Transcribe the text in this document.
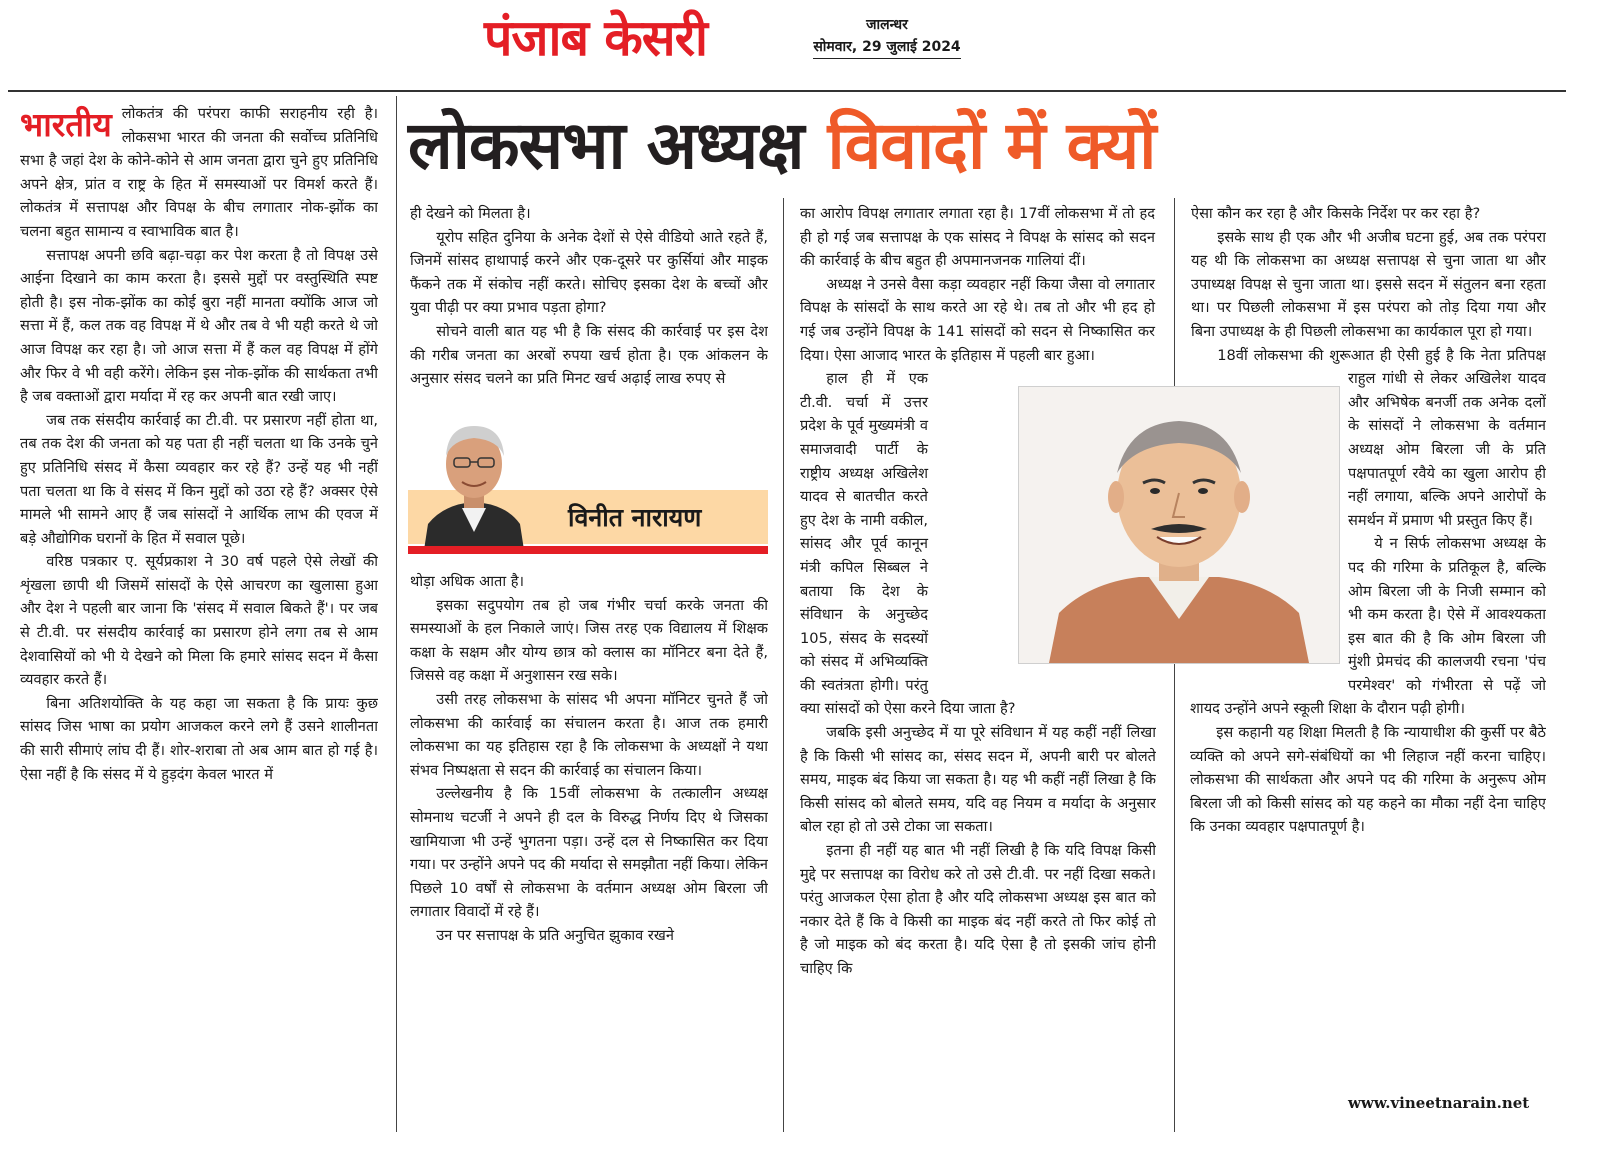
पंजाब केसरी	जालन्धर
सोमवार, 29 जुलाई 2024
लोकसभा अध्यक्ष विवादों में क्यों
भारतीय लोकतंत्र की परंपरा काफी सराहनीय रही है। लोकसभा भारत की जनता की सर्वोच्च प्रतिनिधि सभा है जहां देश के कोने-कोने से आम जनता द्वारा चुने हुए प्रतिनिधि अपने क्षेत्र, प्रांत व राष्ट्र के हित में समस्याओं पर विमर्श करते हैं। लोकतंत्र में सत्तापक्ष और विपक्ष के बीच लगातार नोक-झोंक का चलना बहुत सामान्य व स्वाभाविक बात है।

सत्तापक्ष अपनी छवि बढ़ा-चढ़ा कर पेश करता है तो विपक्ष उसे आईना दिखाने का काम करता है। इससे मुद्दों पर वस्तुस्थिति स्पष्ट होती है। इस नोक-झोंक का कोई बुरा नहीं मानता क्योंकि आज जो सत्ता में हैं, कल तक वह विपक्ष में थे और तब वे भी यही करते थे जो आज विपक्ष कर रहा है। जो आज सत्ता में हैं कल वह विपक्ष में होंगे और फिर वे भी वही करेंगे। लेकिन इस नोक-झोंक की सार्थकता तभी है जब वक्ताओं द्वारा मर्यादा में रह कर अपनी बात रखी जाए।

जब तक संसदीय कार्रवाई का टी.वी. पर प्रसारण नहीं होता था, तब तक देश की जनता को यह पता ही नहीं चलता था कि उनके चुने हुए प्रतिनिधि संसद में कैसा व्यवहार कर रहे हैं? उन्हें यह भी नहीं पता चलता था कि वे संसद में किन मुद्दों को उठा रहे हैं? अक्सर ऐसे मामले भी सामने आए हैं जब सांसदों ने आर्थिक लाभ की एवज में बड़े औद्योगिक घरानों के हित में सवाल पूछे।

वरिष्ठ पत्रकार ए. सूर्यप्रकाश ने 30 वर्ष पहले ऐसे लेखों की शृंखला छापी थी जिसमें सांसदों के ऐसे आचरण का खुलासा हुआ और देश ने पहली बार जाना कि 'संसद में सवाल बिकते हैं'। पर जब से टी.वी. पर संसदीय कार्रवाई का प्रसारण होने लगा तब से आम देशवासियों को भी ये देखने को मिला कि हमारे सांसद सदन में कैसा व्यवहार करते हैं।

बिना अतिशयोक्ति के यह कहा जा सकता है कि प्रायः कुछ सांसद जिस भाषा का प्रयोग आजकल करने लगे हैं उसने शालीनता की सारी सीमाएं लांघ दी हैं। शोर-शराबा तो अब आम बात हो गई है। ऐसा नहीं है कि संसद में ये हुड़दंग केवल भारत में

ही देखने को मिलता है।

यूरोप सहित दुनिया के अनेक देशों से ऐसे वीडियो आते रहते हैं, जिनमें सांसद हाथापाई करने और एक-दूसरे पर कुर्सियां और माइक फैंकने तक में संकोच नहीं करते। सोचिए इसका देश के बच्चों और युवा पीढ़ी पर क्या प्रभाव पड़ता होगा?

सोचने वाली बात यह भी है कि संसद की कार्रवाई पर इस देश की गरीब जनता का अरबों रुपया खर्च होता है। एक आंकलन के अनुसार संसद चलने का प्रति मिनट खर्च अढ़ाई लाख रुपए से

विनीत नारायण

थोड़ा अधिक आता है।

इसका सदुपयोग तब हो जब गंभीर चर्चा करके जनता की समस्याओं के हल निकाले जाएं। जिस तरह एक विद्यालय में शिक्षक कक्षा के सक्षम और योग्य छात्र को क्लास का मॉनिटर बना देते हैं, जिससे वह कक्षा में अनुशासन रख सके।

उसी तरह लोकसभा के सांसद भी अपना मॉनिटर चुनते हैं जो लोकसभा की कार्रवाई का संचालन करता है। आज तक हमारी लोकसभा का यह इतिहास रहा है कि लोकसभा के अध्यक्षों ने यथा संभव निष्पक्षता से सदन की कार्रवाई का संचालन किया।

उल्लेखनीय है कि 15वीं लोकसभा के तत्कालीन अध्यक्ष सोमनाथ चटर्जी ने अपने ही दल के विरुद्ध निर्णय दिए थे जिसका खामियाजा भी उन्हें भुगतना पड़ा। उन्हें दल से निष्कासित कर दिया गया। पर उन्होंने अपने पद की मर्यादा से समझौता नहीं किया। लेकिन पिछले 10 वर्षों से लोकसभा के वर्तमान अध्यक्ष ओम बिरला जी लगातार विवादों में रहे हैं।

उन पर सत्तापक्ष के प्रति अनुचित झुकाव रखने

का आरोप विपक्ष लगातार लगाता रहा है। 17वीं लोकसभा में तो हद ही हो गई जब सत्तापक्ष के एक सांसद ने विपक्ष के सांसद को सदन की कार्रवाई के बीच बहुत ही अपमानजनक गालियां दीं।

अध्यक्ष ने उनसे वैसा कड़ा व्यवहार नहीं किया जैसा वो लगातार विपक्ष के सांसदों के साथ करते आ रहे थे। तब तो और भी हद हो गई जब उन्होंने विपक्ष के 141 सांसदों को सदन से निष्कासित कर दिया। ऐसा आजाद भारत के इतिहास में पहली बार हुआ।

हाल ही में एक टी.वी. चर्चा में उत्तर प्रदेश के पूर्व मुख्यमंत्री व समाजवादी पार्टी के राष्ट्रीय अध्यक्ष अखिलेश यादव से बातचीत करते हुए देश के नामी वकील, सांसद और पूर्व कानून मंत्री कपिल सिब्बल ने बताया कि देश के संविधान के अनुच्छेद 105, संसद के सदस्यों को संसद में अभिव्यक्ति की स्वतंत्रता होगी। परंतु क्या सांसदों को ऐसा करने दिया जाता है?

जबकि इसी अनुच्छेद में या पूरे संविधान में यह कहीं नहीं लिखा है कि किसी भी सांसद का, संसद सदन में, अपनी बारी पर बोलते समय, माइक बंद किया जा सकता है। यह भी कहीं नहीं लिखा है कि किसी सांसद को बोलते समय, यदि वह नियम व मर्यादा के अनुसार बोल रहा हो तो उसे टोका जा सकता।

इतना ही नहीं यह बात भी नहीं लिखी है कि यदि विपक्ष किसी मुद्दे पर सत्तापक्ष का विरोध करे तो उसे टी.वी. पर नहीं दिखा सकते। परंतु आजकल ऐसा होता है और यदि लोकसभा अध्यक्ष इस बात को नकार देते हैं कि वे किसी का माइक बंद नहीं करते तो फिर कोई तो है जो माइक को बंद करता है। यदि ऐसा है तो इसकी जांच होनी चाहिए कि

ऐसा कौन कर रहा है और किसके निर्देश पर कर रहा है?

इसके साथ ही एक और भी अजीब घटना हुई, अब तक परंपरा यह थी कि लोकसभा का अध्यक्ष सत्तापक्ष से चुना जाता था और उपाध्यक्ष विपक्ष से चुना जाता था। इससे सदन में संतुलन बना रहता था। पर पिछली लोकसभा में इस परंपरा को तोड़ दिया गया और बिना उपाध्यक्ष के ही पिछली लोकसभा का कार्यकाल पूरा हो गया।

18वीं लोकसभा की शुरूआत ही ऐसी हुई है कि नेता प्रतिपक्ष राहुल गांधी से लेकर अखिलेश यादव और अभिषेक बनर्जी तक अनेक दलों के सांसदों ने लोकसभा के वर्तमान अध्यक्ष ओम बिरला जी के प्रति पक्षपातपूर्ण रवैये का खुला आरोप ही नहीं लगाया, बल्कि अपने आरोपों के समर्थन में प्रमाण भी प्रस्तुत किए हैं।

ये न सिर्फ लोकसभा अध्यक्ष के पद की गरिमा के प्रतिकूल है, बल्कि ओम बिरला जी के निजी सम्मान को भी कम करता है। ऐसे में आवश्यकता इस बात की है कि ओम बिरला जी मुंशी प्रेमचंद की कालजयी रचना 'पंच परमेश्वर' को गंभीरता से पढ़ें जो शायद उन्होंने अपने स्कूली शिक्षा के दौरान पढ़ी होगी।

इस कहानी यह शिक्षा मिलती है कि न्यायाधीश की कुर्सी पर बैठे व्यक्ति को अपने सगे-संबंधियों का भी लिहाज नहीं करना चाहिए। लोकसभा की सार्थकता और अपने पद की गरिमा के अनुरूप ओम बिरला जी को किसी सांसद को यह कहने का मौका नहीं देना चाहिए कि उनका व्यवहार पक्षपातपूर्ण है।

www.vineetnarain.net
